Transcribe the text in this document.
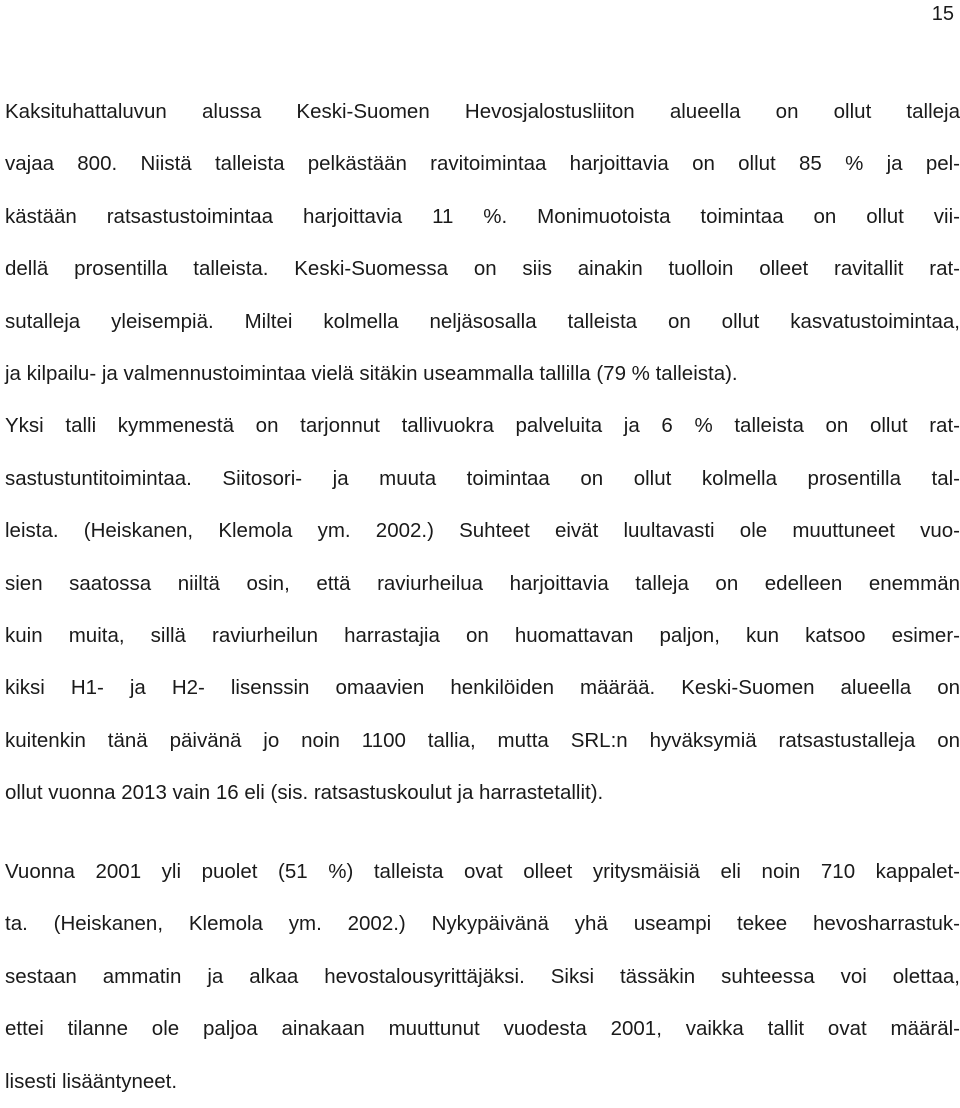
15
Kaksituhattaluvun alussa Keski-Suomen Hevosjalostusliiton alueella on ollut talleja
vajaa 800. Niistä talleista pelkästään ravitoimintaa harjoittavia on ollut 85 % ja pel-
kästään ratsastustoimintaa harjoittavia 11 %. Monimuotoista toimintaa on ollut vii-
dellä prosentilla talleista. Keski-Suomessa on siis ainakin tuolloin olleet ravitallit rat-
sutalleja yleisempiä. Miltei kolmella neljäsosalla talleista on ollut kasvatustoimintaa,
ja kilpailu- ja valmennustoimintaa vielä sitäkin useammalla tallilla (79 % talleista).
Yksi talli kymmenestä on tarjonnut tallivuokra palveluita ja 6 % talleista on ollut rat-
sastustuntitoimintaa. Siitosori- ja muuta toimintaa on ollut kolmella prosentilla tal-
leista. (Heiskanen, Klemola ym. 2002.) Suhteet eivät luultavasti ole muuttuneet vuo-
sien saatossa niiltä osin, että raviurheilua harjoittavia talleja on edelleen enemmän
kuin muita, sillä raviurheilun harrastajia on huomattavan paljon, kun katsoo esimer-
kiksi H1- ja H2- lisenssin omaavien henkilöiden määrää. Keski-Suomen alueella on
kuitenkin tänä päivänä jo noin 1100 tallia, mutta SRL:n hyväksymiä ratsastustalleja on
ollut vuonna 2013 vain 16 eli (sis. ratsastuskoulut ja harrastetallit).
Vuonna 2001 yli puolet (51 %) talleista ovat olleet yritysmäisiä eli noin 710 kappalet-
ta. (Heiskanen, Klemola ym. 2002.) Nykypäivänä yhä useampi tekee hevosharrastuk-
sestaan ammatin ja alkaa hevostalousyrittäjäksi. Siksi tässäkin suhteessa voi olettaa,
ettei tilanne ole paljoa ainakaan muuttunut vuodesta 2001, vaikka tallit ovat määräl-
lisesti lisääntyneet.
